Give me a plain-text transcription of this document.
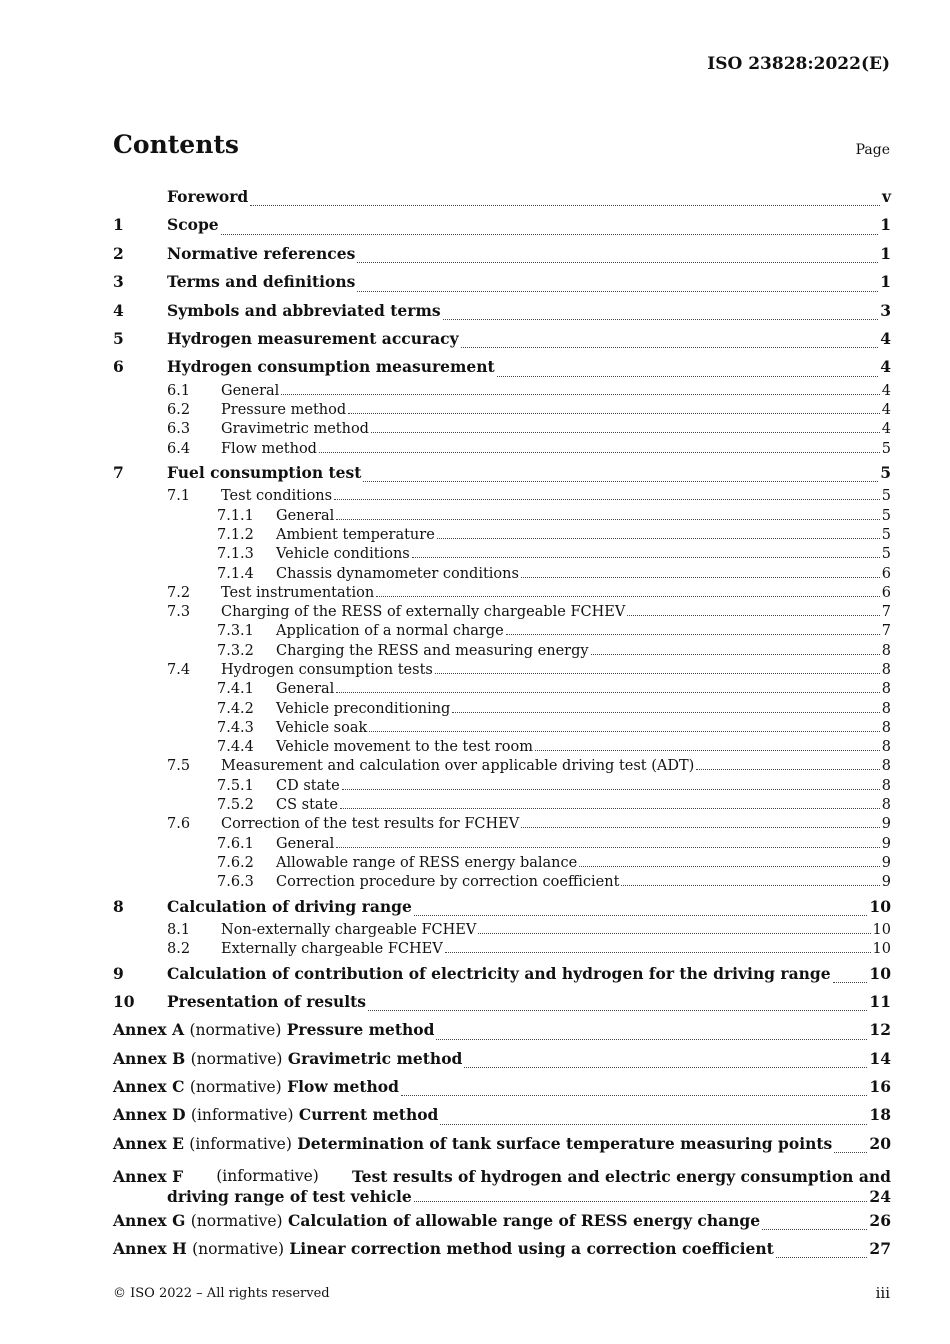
ISO 23828:2022(E)
Contents	Page
Foreword	v
1	Scope	1
2	Normative references	1
3	Terms and definitions	1
4	Symbols and abbreviated terms	3
5	Hydrogen measurement accuracy	4
6	Hydrogen consumption measurement	4
6.1	General	4
6.2	Pressure method	4
6.3	Gravimetric method	4
6.4	Flow method	5
7	Fuel consumption test	5
7.1	Test conditions	5
7.1.1	General	5
7.1.2	Ambient temperature	5
7.1.3	Vehicle conditions	5
7.1.4	Chassis dynamometer conditions	6
7.2	Test instrumentation	6
7.3	Charging of the RESS of externally chargeable FCHEV	7
7.3.1	Application of a normal charge	7
7.3.2	Charging the RESS and measuring energy	8
7.4	Hydrogen consumption tests	8
7.4.1	General	8
7.4.2	Vehicle preconditioning	8
7.4.3	Vehicle soak	8
7.4.4	Vehicle movement to the test room	8
7.5	Measurement and calculation over applicable driving test (ADT)	8
7.5.1	CD state	8
7.5.2	CS state	8
7.6	Correction of the test results for FCHEV	9
7.6.1	General	9
7.6.2	Allowable range of RESS energy balance	9
7.6.3	Correction procedure by correction coefficient	9
8	Calculation of driving range	10
8.1	Non-externally chargeable FCHEV	10
8.2	Externally chargeable FCHEV	10
9	Calculation of contribution of electricity and hydrogen for the driving range	10
10	Presentation of results	11
Annex A (normative) Pressure method	12
Annex B (normative) Gravimetric method	14
Annex C (normative) Flow method	16
Annex D (informative) Current method	18
Annex E (informative) Determination of tank surface temperature measuring points 20
Annex F (informative) Test results of hydrogen and electric energy consumption and
driving range of test vehicle	24
Annex G (normative) Calculation of allowable range of RESS energy change	26
Annex H (normative) Linear correction method using a correction coefficient	27
© ISO 2022 – All rights reserved	iii
